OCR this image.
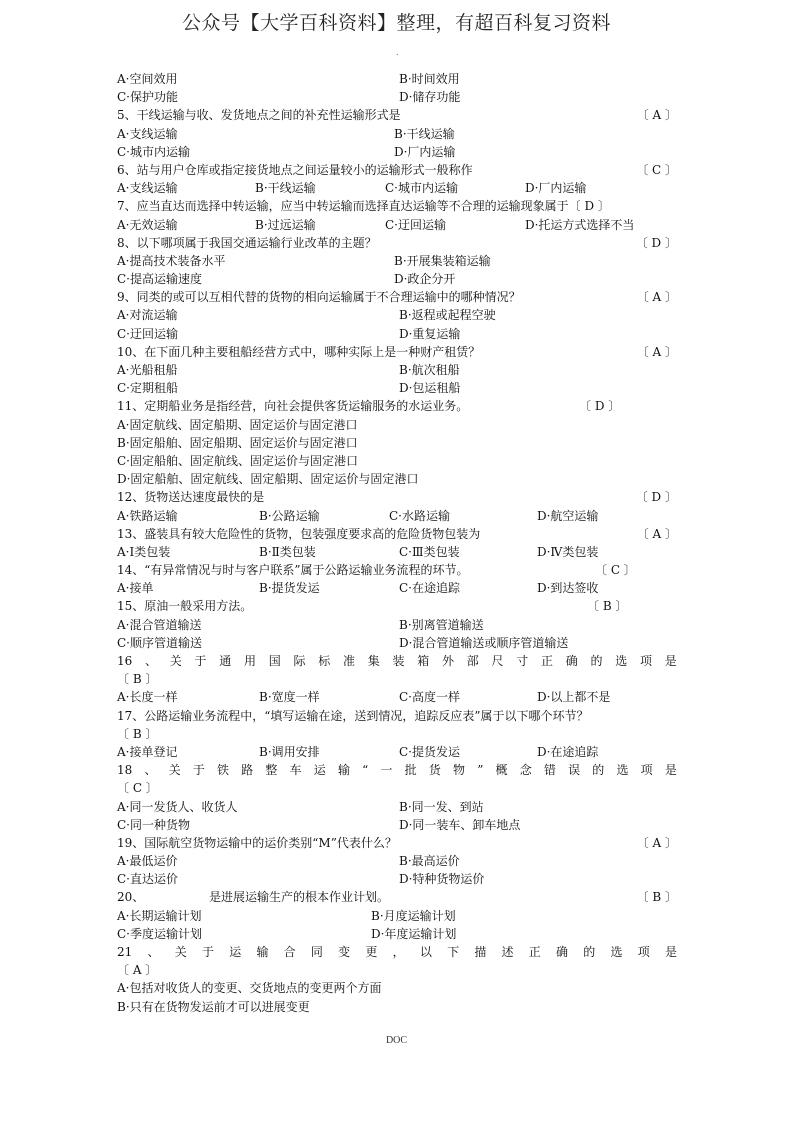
公众号【大学百科资料】整理，有超百科复习资料
.
A·空间效用	B·时间效用
C·保护功能	D·储存功能
5、干线运输与收、发货地点之间的补充性运输形式是	〔 A 〕
A·支线运输	B·干线运输
C·城市内运输	D·厂内运输
6、站与用户仓库或指定接货地点之间运量较小的运输形式一般称作	〔 C 〕
A·支线运输	B·干线运输	C·城市内运输	D·厂内运输
7、应当直达而选择中转运输，应当中转运输而选择直达运输等不合理的运输现象属于〔 D 〕
A·无效运输	B·过远运输	C·迂回运输	D·托运方式选择不当
8、以下哪项属于我国交通运输行业改革的主题？	〔 D 〕
A·提高技术装备水平	B·开展集装箱运输
C·提高运输速度	D·政企分开
9、同类的或可以互相代替的货物的相向运输属于不合理运输中的哪种情况？	〔 A 〕
A·对流运输	B·返程或起程空驶
C·迂回运输	D·重复运输
10、在下面几种主要租船经营方式中，哪种实际上是一种财产租赁？	〔 A 〕
A·光船租船	B·航次租船
C·定期租船	D·包运租船
11、定期船业务是指经营，向社会提供客货运输服务的水运业务。	〔 D 〕
A·固定航线、固定船期、固定运价与固定港口
B·固定船舶、固定船期、固定运价与固定港口
C·固定船舶、固定航线、固定运价与固定港口
D·固定船舶、固定航线、固定船期、固定运价与固定港口
12、货物送达速度最快的是	〔 D 〕
A·铁路运输	B·公路运输	C·水路运输	D·航空运输
13、盛装具有较大危险性的货物，包装强度要求高的危险货物包装为	〔 A 〕
A·Ⅰ类包装	B·Ⅱ类包装	C·Ⅲ类包装	D·Ⅳ类包装
14、“有异常情况与时与客户联系”属于公路运输业务流程的环节。	〔 C 〕
A·接单	B·提货发运	C·在途追踪	D·到达签收
15、原油一般采用方法。	〔 B 〕
A·混合管道输送	B·别离管道输送
C·顺序管道输送	D·混合管道输送或顺序管道输送
16 、 关 于 通 用 国 际 标 准 集 装 箱 外 部 尺 寸 正 确 的 选 项 是
〔 B 〕
A·长度一样	B·宽度一样	C·高度一样	D·以上都不是
17、公路运输业务流程中，“填写运输在途，送到情况，追踪反应表”属于以下哪个环节？
〔 B 〕
A·接单登记	B·调用安排	C·提货发运	D·在途追踪
18 、 关 于 铁 路 整 车 运 输 “ 一 批 货 物 ” 概 念 错 误 的 选 项 是
〔 C 〕
A·同一发货人、收货人	B·同一发、到站
C·同一种货物	D·同一装车、卸车地点
19、国际航空货物运输中的运价类别“M”代表什么？	〔 A 〕
A·最低运价	B·最高运价
C·直达运价	D·特种货物运价
20、	是进展运输生产的根本作业计划。	〔 B 〕
A·长期运输计划	B·月度运输计划
C·季度运输计划	D·年度运输计划
21 、 关 于 运 输 合 同 变 更 ， 以 下 描 述 正 确 的 选 项 是
〔 A 〕
A·包括对收货人的变更、交货地点的变更两个方面
B·只有在货物发运前才可以进展变更
DOC
